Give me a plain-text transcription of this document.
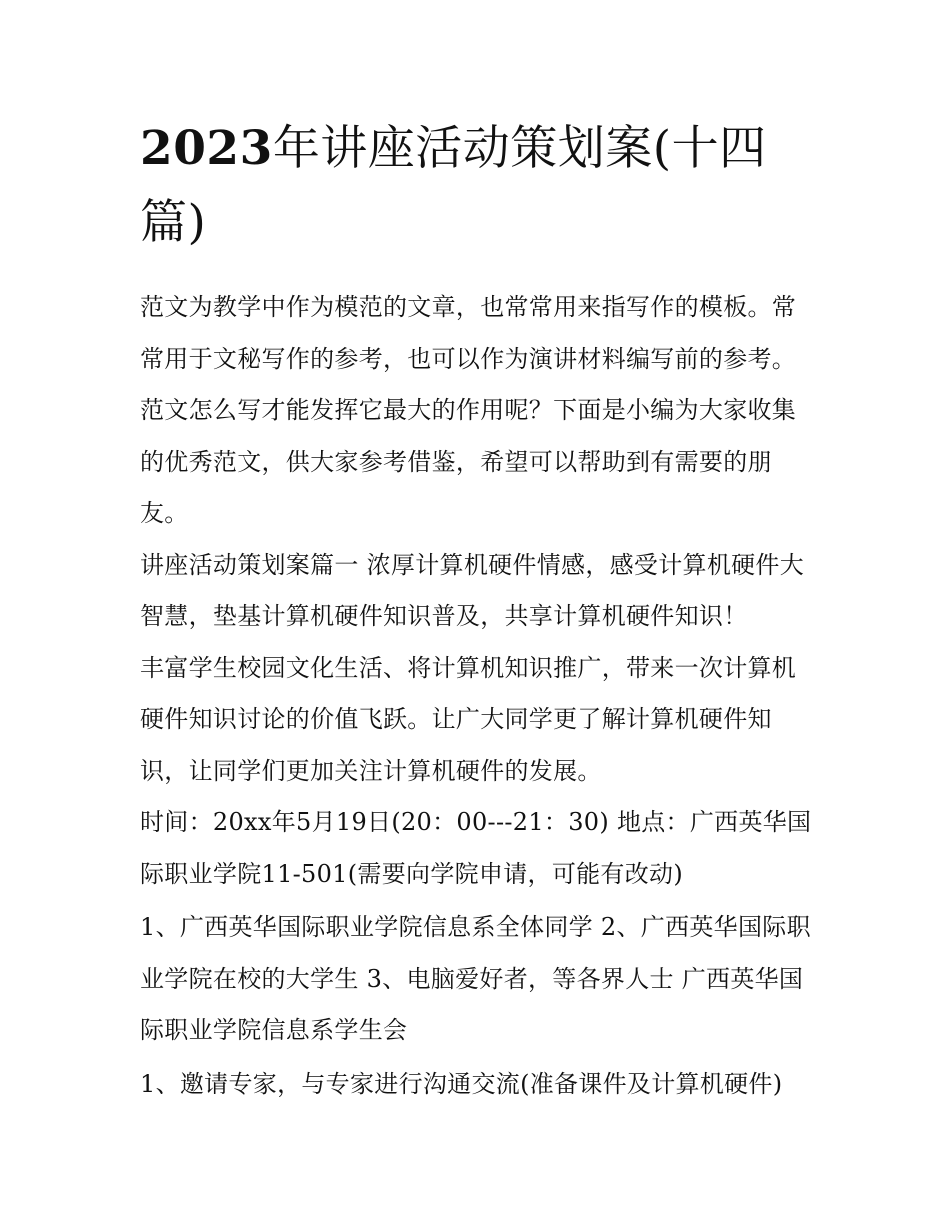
2023年讲座活动策划案(十四篇)

范文为教学中作为模范的文章，也常常用来指写作的模板。常常用于文秘写作的参考，也可以作为演讲材料编写前的参考。范文怎么写才能发挥它最大的作用呢？下面是小编为大家收集的优秀范文，供大家参考借鉴，希望可以帮助到有需要的朋友。

讲座活动策划案篇一 浓厚计算机硬件情感，感受计算机硬件大智慧，垫基计算机硬件知识普及，共享计算机硬件知识！

丰富学生校园文化生活、将计算机知识推广，带来一次计算机硬件知识讨论的价值飞跃。让广大同学更了解计算机硬件知识，让同学们更加关注计算机硬件的发展。

时间：20xx年5月19日(20：00---21：30) 地点：广西英华国际职业学院11-501(需要向学院申请，可能有改动)

1、广西英华国际职业学院信息系全体同学 2、广西英华国际职业学院在校的大学生 3、电脑爱好者，等各界人士 广西英华国际职业学院信息系学生会

1、邀请专家，与专家进行沟通交流(准备课件及计算机硬件)
